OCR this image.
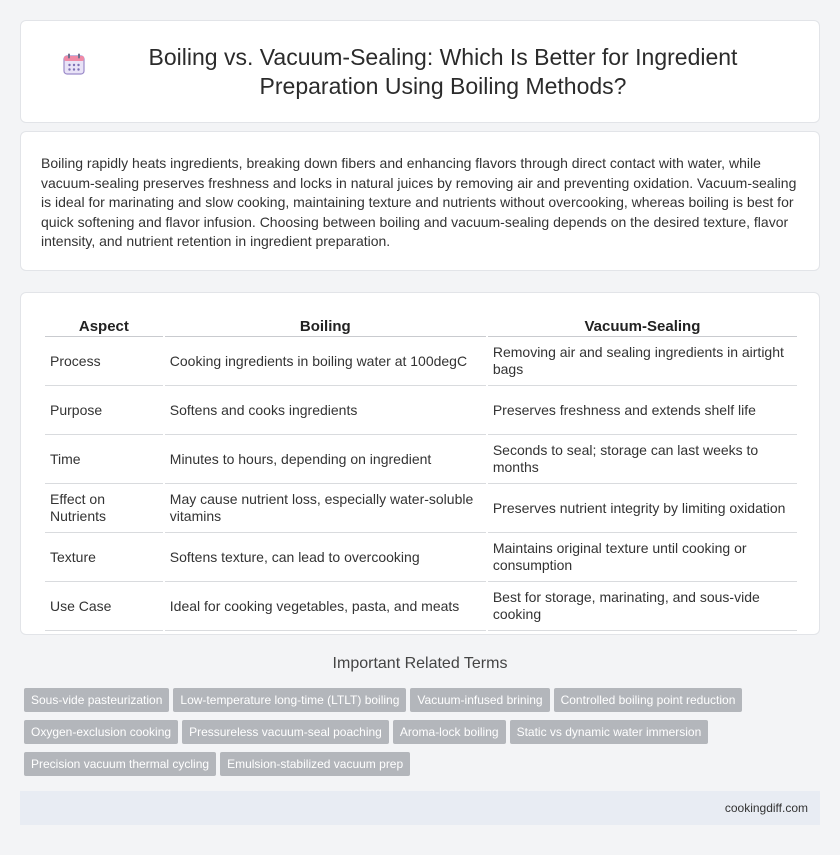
Boiling vs. Vacuum-Sealing: Which Is Better for Ingredient Preparation Using Boiling Methods?

Boiling rapidly heats ingredients, breaking down fibers and enhancing flavors through direct contact with water, while vacuum-sealing preserves freshness and locks in natural juices by removing air and preventing oxidation. Vacuum-sealing is ideal for marinating and slow cooking, maintaining texture and nutrients without overcooking, whereas boiling is best for quick softening and flavor infusion. Choosing between boiling and vacuum-sealing depends on the desired texture, flavor intensity, and nutrient retention in ingredient preparation.

Aspect	Boiling	Vacuum-Sealing
Process	Cooking ingredients in boiling water at 100degC	Removing air and sealing ingredients in airtight bags
Purpose	Softens and cooks ingredients	Preserves freshness and extends shelf life
Time	Minutes to hours, depending on ingredient	Seconds to seal; storage can last weeks to months
Effect on Nutrients	May cause nutrient loss, especially water-soluble vitamins	Preserves nutrient integrity by limiting oxidation
Texture	Softens texture, can lead to overcooking	Maintains original texture until cooking or consumption
Use Case	Ideal for cooking vegetables, pasta, and meats	Best for storage, marinating, and sous-vide cooking
Important Related Terms
Sous-vide pasteurization Low-temperature long-time (LTLT) boiling Vacuum-infused brining Controlled boiling point reduction
Oxygen-exclusion cooking Pressureless vacuum-seal poaching Aroma-lock boiling Static vs dynamic water immersion
Precision vacuum thermal cycling Emulsion-stabilized vacuum prep
cookingdiff.com
